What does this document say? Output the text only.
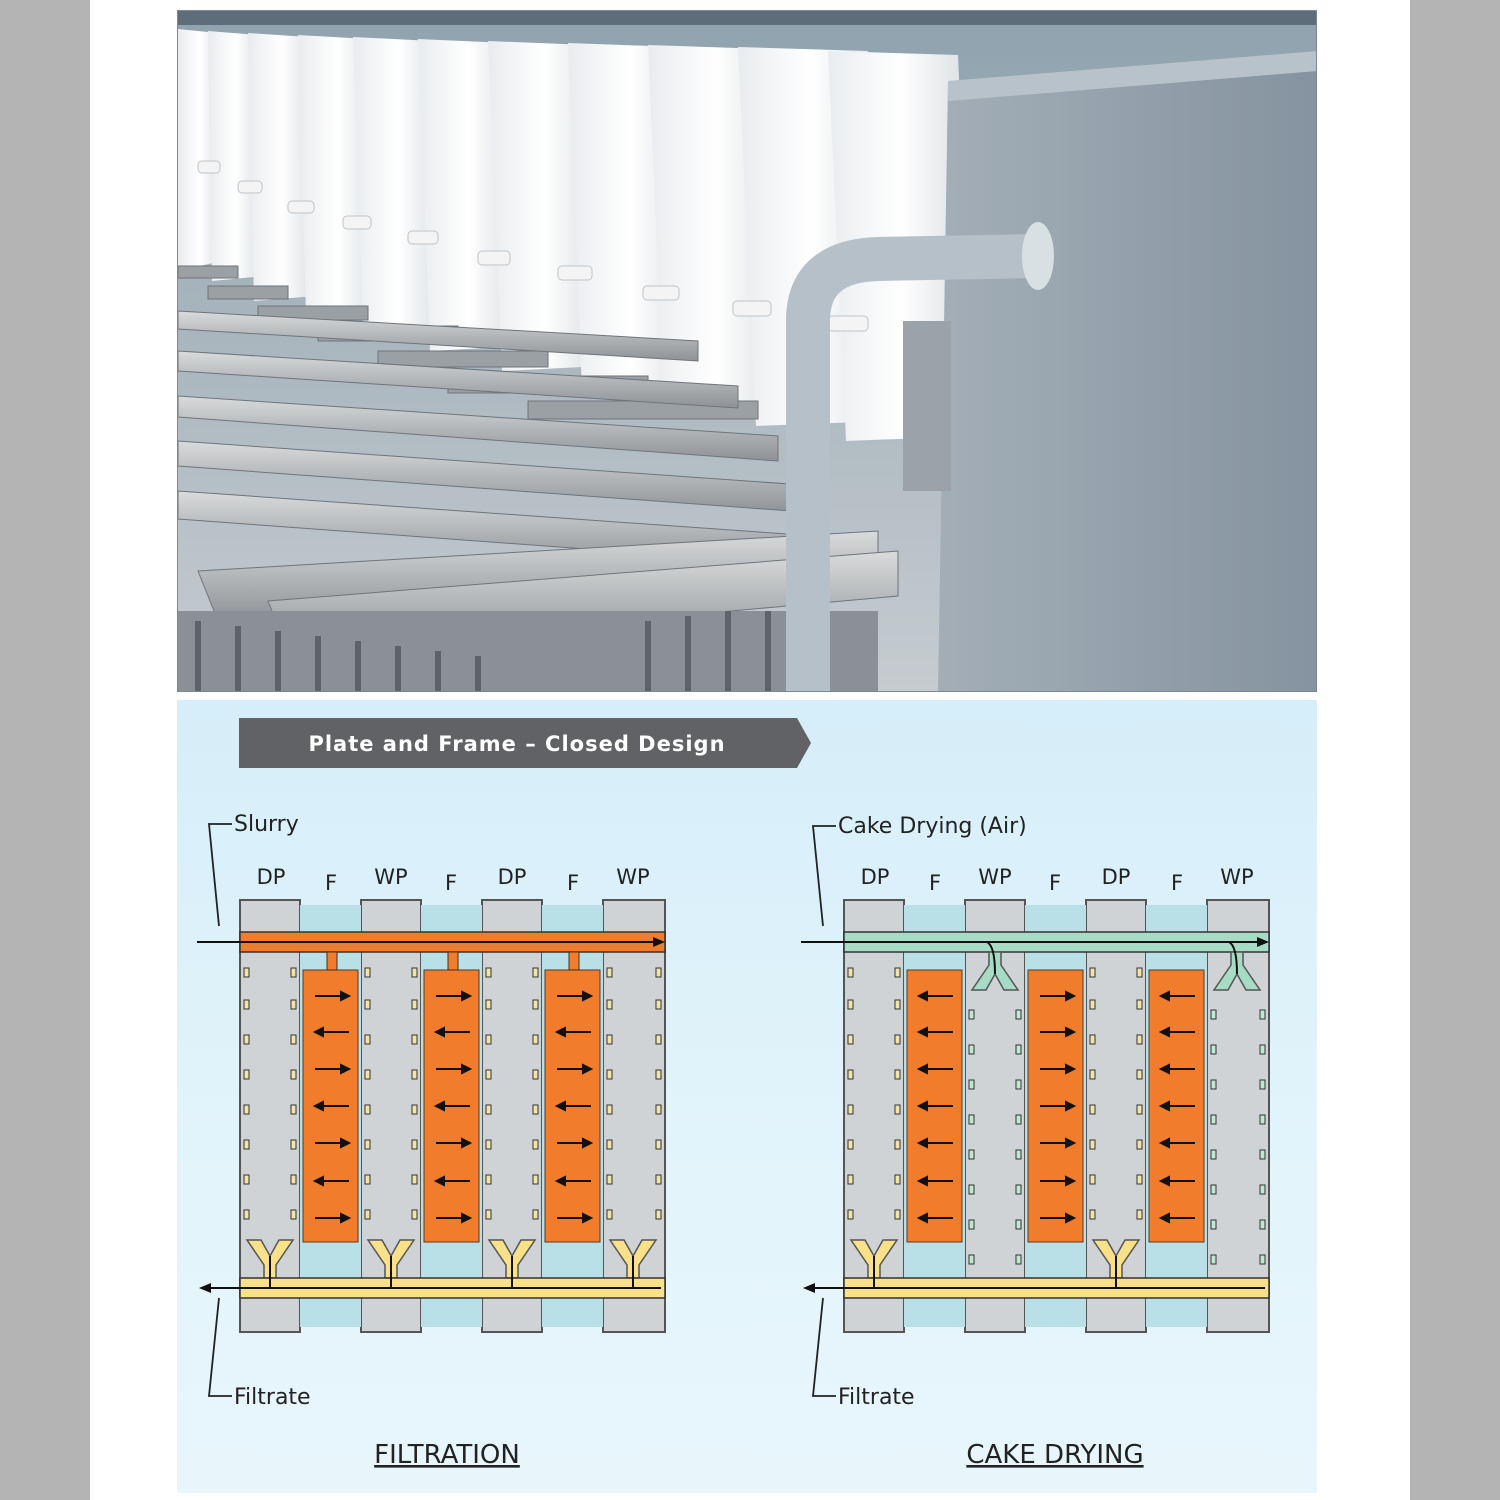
Plate and Frame – Closed Design
Slurry
Filtrate
DP F WP F DP F WP
FILTRATION
Cake Drying (Air)
Filtrate
DP F WP F DP F WP
CAKE DRYING
